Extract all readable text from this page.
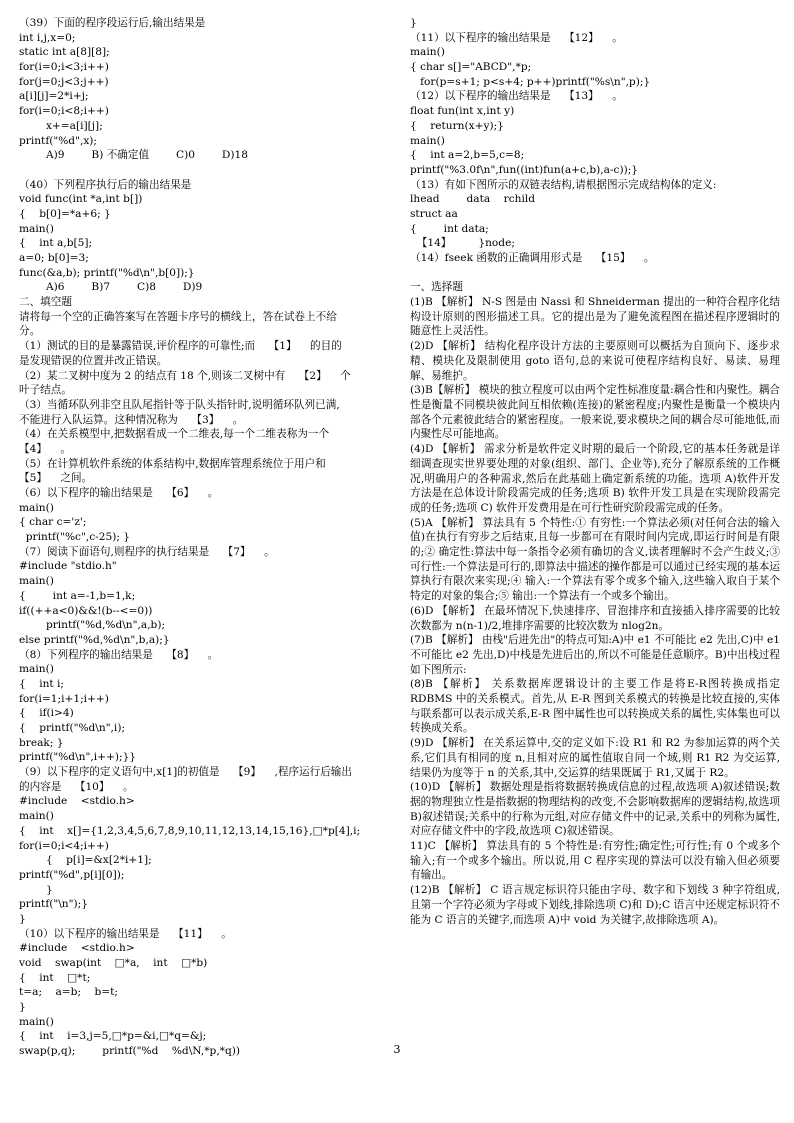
（39）下面的程序段运行后,输出结果是
int i,j,x=0;
static int a[8][8];
for(i=0;i<3;i++)
for(j=0;j<3;j++)
a[i][j]=2*i+j;
for(i=0;i<8;i++)
x+=a[i][j];
printf("%d",x);
A)9        B) 不确定值        C)0        D)18
（40）下列程序执行后的输出结果是
void func(int *a,int b[])
{    b[0]=*a+6; }
main()
{    int a,b[5];
a=0; b[0]=3;
func(&a,b); printf("%d\n",b[0]);}
A)6        B)7        C)8        D)9
二、填空题
请将每一个空的正确答案写在答题卡序号的横线上，答在试卷上不给
分。
（1）测试的目的是暴露错误,评价程序的可靠性;而    【1】    的目的
是发现错误的位置并改正错误。
（2）某二叉树中度为 2 的结点有 18 个,则该二叉树中有    【2】    个
叶子结点。
（3）当循环队列非空且队尾指针等于队头指针时,说明循环队列已满,
不能进行入队运算。这种情况称为    【3】    。
（4）在关系模型中,把数据看成一个二维表,每一个二维表称为一个
【4】    。
（5）在计算机软件系统的体系结构中,数据库管理系统位于用户和
【5】    之间。
（6）以下程序的输出结果是    【6】    。
main()
{ char c='z';
printf("%c",c-25); }
（7）阅读下面语句,则程序的执行结果是    【7】    。
#include "stdio.h"
main()
{        int a=-1,b=1,k;
if((++a<0)&&!(b--<=0))
printf("%d,%d\n",a,b);
else printf("%d,%d\n",b,a);}
（8）下列程序的输出结果是    【8】    。
main()
{    int i;
for(i=1;i+1;i++)
{    if(i>4)
{    printf("%d\n",i);
break; }
printf("%d\n",i++);}}
（9）以下程序的定义语句中,x[1]的初值是    【9】    ,程序运行后输出
的内容是    【10】    。
#include    <stdio.h>
main()
{    int    x[]={1,2,3,4,5,6,7,8,9,10,11,12,13,14,15,16},□*p[4],i;
for(i=0;i<4;i++)
{    p[i]=&x[2*i+1];
printf("%d",p[i][0]);
}
printf("\n");}
}
（10）以下程序的输出结果是    【11】    。
#include    <stdio.h>
void    swap(int    □*a,    int    □*b)
{    int    □*t;
t=a;    a=b;    b=t;
}
main()
{    int    i=3,j=5,□*p=&i,□*q=&j;
swap(p,q);        printf("%d    %d\N,*p,*q))
}
（11）以下程序的输出结果是    【12】    。
main()
{ char s[]="ABCD",*p;
for(p=s+1; p<s+4; p++)printf("%s\n",p);}
（12）以下程序的输出结果是    【13】    。
float fun(int x,int y)
{    return(x+y);}
main()
{    int a=2,b=5,c=8;
printf("%3.0f\n",fun((int)fun(a+c,b),a-c));}
（13）有如下图所示的双链表结构,请根据图示完成结构体的定义:
lhead        data    rchild
struct aa
{        int data;
【14】        }node;
（14）fseek 函数的正确调用形式是    【15】    。
一、选择题
(1)B 【解析】 N-S 图是由 Nassi 和 Shneiderman 提出的一种符合程序化结构设计原则的图形描述工具。它的提出是为了避免流程图在描述程序逻辑时的随意性上灵活性。
(2)D 【解析】 结构化程序设计方法的主要原则可以概括为自顶向下、逐步求精、模块化及限制使用 goto 语句,总的来说可使程序结构良好、易读、易理解、易维护。
(3)B【解析】 模块的独立程度可以由两个定性标准度量:耦合性和内聚性。耦合性是衡量不同模块彼此间互相依赖(连接)的紧密程度;内聚性是衡量一个模块内部各个元素彼此结合的紧密程度。一般来说,要求模块之间的耦合尽可能地低,而内聚性尽可能地高。
(4)D 【解析】 需求分析是软件定义时期的最后一个阶段,它的基本任务就是详细调查现实世界要处理的对象(组织、部门、企业等),充分了解原系统的工作概况,明确用户的各种需求,然后在此基础上确定新系统的功能。选项 A)软件开发方法是在总体设计阶段需完成的任务;选项 B) 软件开发工具是在实现阶段需完成的任务;选项 C) 软件开发费用是在可行性研究阶段需完成的任务。
(5)A 【解析】 算法具有 5 个特性:① 有穷性:一个算法必须(对任何合法的输入值)在执行有穷步之后结束,且每一步都可在有限时间内完成,即运行时间是有限的;② 确定性:算法中每一条指令必须有确切的含义,读者理解时不会产生歧义;③ 可行性:一个算法是可行的,即算法中描述的操作都是可以通过已经实现的基本运算执行有限次来实现;④ 输入:一个算法有零个或多个输入,这些输入取自于某个特定的对象的集合;⑤ 输出:一个算法有一个或多个输出。
(6)D 【解析】 在最坏情况下,快速排序、冒泡排序和直接插入排序需要的比较次数都为 n(n-1)/2,堆排序需要的比较次数为 nlog2n。
(7)B 【解析】 由栈"后进先出"的特点可知:A)中 e1 不可能比 e2 先出,C)中 e1 不可能比 e2 先出,D)中栈是先进后出的,所以不可能是任意顺序。B)中出栈过程如下图所示:
(8)B 【解析】 关系数据库逻辑设计的主要工作是将E-R图转换成指定 RDBMS 中的关系模式。首先,从 E-R 图到关系模式的转换是比较直接的,实体与联系都可以表示成关系,E-R 图中属性也可以转换成关系的属性,实体集也可以转换成关系。
(9)D 【解析】 在关系运算中,交的定义如下:设 R1 和 R2 为参加运算的两个关系,它们具有相同的度 n,且相对应的属性值取自同一个域,则 R1 R2 为交运算,结果仍为度等于 n 的关系,其中,交运算的结果既属于 R1,又属于 R2。
(10)D 【解析】 数据处理是指将数据转换成信息的过程,故选项 A)叙述错误;数据的物理独立性是指数据的物理结构的改变,不会影响数据库的逻辑结构,故选项 B)叙述错误;关系中的行称为元组,对应存储文件中的记录,关系中的列称为属性,对应存储文件中的字段,故选项 C)叙述错误。
11)C 【解析】 算法具有的 5 个特性是:有穷性;确定性;可行性;有 0 个或多个输入;有一个或多个输出。所以说,用 C 程序实现的算法可以没有输入但必须要有输出。
(12)B 【解析】 C 语言规定标识符只能由字母、数字和下划线 3 种字符组成,且第一个字符必须为字母或下划线,排除选项 C)和 D);C 语言中还规定标识符不能为 C 语言的关键字,而选项 A)中 void 为关键字,故排除选项 A)。
3
